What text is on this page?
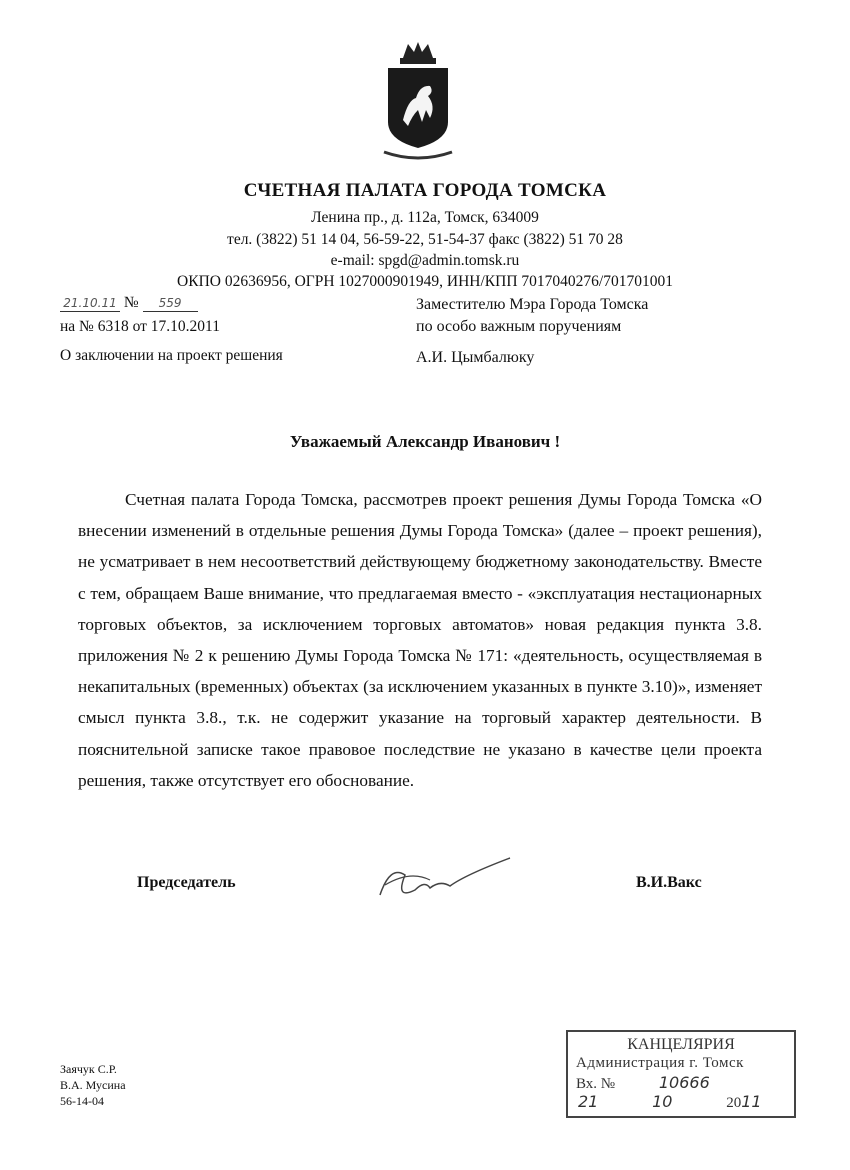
СЧЕТНАЯ ПАЛАТА ГОРОДА ТОМСКА
Ленина пр., д. 112а, Томск, 634009
тел. (3822) 51 14 04, 56-59-22, 51-54-37 факс (3822) 51 70 28
e-mail: spgd@admin.tomsk.ru
ОКПО 02636956, ОГРН 1027000901949, ИНН/КПП 7017040276/701701001
21.10.11 № 559
на № 6318 от 17.10.2011
О заключении на проект решения
Заместителю Мэра Города Томска
по особо важным поручениям
А.И. Цымбалюку
Уважаемый Александр Иванович !
Счетная палата Города Томска, рассмотрев проект решения Думы Города Томска «О внесении изменений в отдельные решения Думы Города Томска» (далее – проект решения), не усматривает в нем несоответствий действующему бюджетному законодательству. Вместе с тем, обращаем Ваше внимание, что предлагаемая вместо - «эксплуатация нестационарных торговых объектов, за исключением торговых автоматов» новая редакция пункта 3.8. приложения № 2 к решению Думы Города Томска № 171: «деятельность, осуществляемая в некапитальных (временных) объектах (за исключением указанных в пункте 3.10)», изменяет смысл пункта 3.8., т.к. не содержит указание на торговый характер деятельности. В пояснительной записке такое правовое последствие не указано в качестве цели проекта решения, также отсутствует его обоснование.
Председатель	В.И.Вакс
Заячук С.Р.
В.А. Мусина
56-14-04
КАНЦЕЛЯРИЯ
Администрация г. Томск
Вх. №	10666
21	10	2011
